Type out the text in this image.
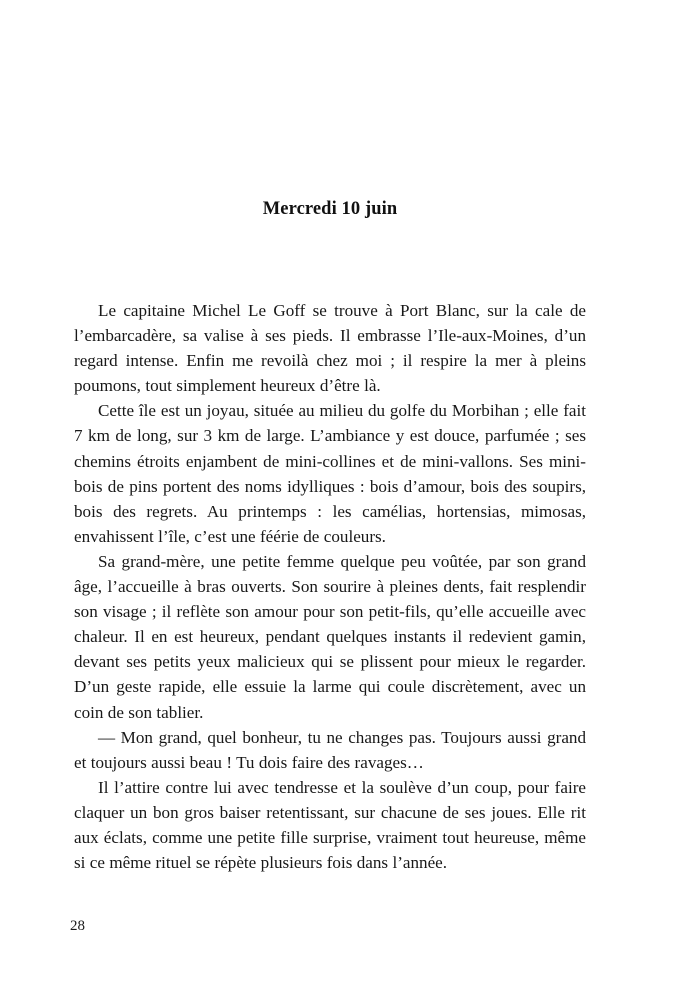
Mercredi 10 juin

Le capitaine Michel Le Goff se trouve à Port Blanc, sur la cale de l’embarcadère, sa valise à ses pieds. Il embrasse l’Ile-aux-Moines, d’un regard intense. Enfin me revoilà chez moi ; il respire la mer à pleins poumons, tout simplement heureux d’être là.

Cette île est un joyau, située au milieu du golfe du Morbihan ; elle fait 7 km de long, sur 3 km de large. L’ambiance y est douce, parfumée ; ses chemins étroits enjambent de mini-collines et de mini-vallons. Ses mini-bois de pins portent des noms idylliques : bois d’amour, bois des soupirs, bois des regrets. Au printemps : les camélias, hortensias, mimosas, envahissent l’île, c’est une féérie de couleurs.

Sa grand-mère, une petite femme quelque peu voûtée, par son grand âge, l’accueille à bras ouverts. Son sourire à pleines dents, fait resplendir son visage ; il reflète son amour pour son petit-fils, qu’elle accueille avec chaleur. Il en est heureux, pendant quelques instants il redevient gamin, devant ses petits yeux malicieux qui se plissent pour mieux le regarder. D’un geste rapide, elle essuie la larme qui coule discrètement, avec un coin de son tablier.

— Mon grand, quel bonheur, tu ne changes pas. Toujours aussi grand et toujours aussi beau ! Tu dois faire des ravages…

Il l’attire contre lui avec tendresse et la soulève d’un coup, pour faire claquer un bon gros baiser retentissant, sur chacune de ses joues. Elle rit aux éclats, comme une petite fille surprise, vraiment tout heureuse, même si ce même rituel se répète plusieurs fois dans l’année.

28
